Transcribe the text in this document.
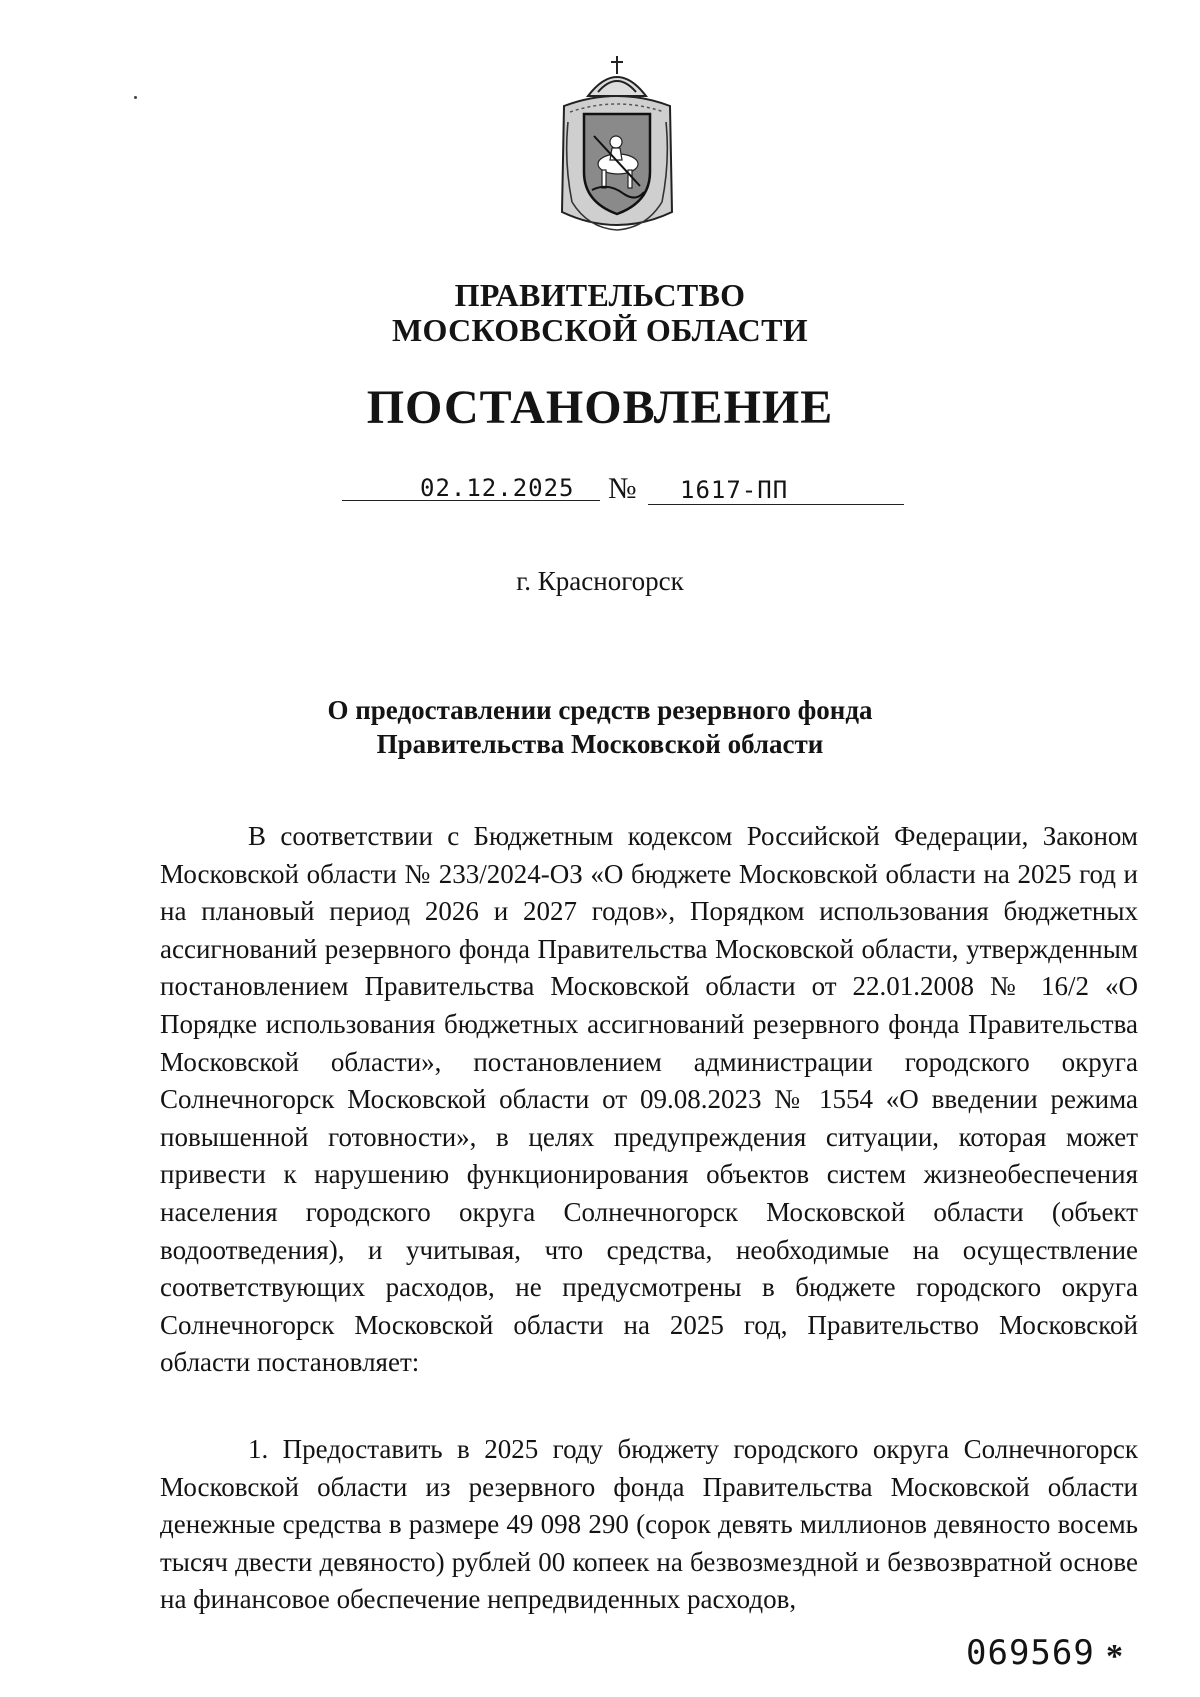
ПРАВИТЕЛЬСТВО
МОСКОВСКОЙ ОБЛАСТИ
ПОСТАНОВЛЕНИЕ
02.12.2025 № 1617-ПП
г. Красногорск
О предоставлении средств резервного фонда
Правительства Московской области

В соответствии с Бюджетным кодексом Российской Федерации, Законом Московской области № 233/2024-ОЗ «О бюджете Московской области на 2025 год и на плановый период 2026 и 2027 годов», Порядком использования бюджетных ассигнований резервного фонда Правительства Московской области, утвержденным постановлением Правительства Московской области от 22.01.2008 № 16/2 «О Порядке использования бюджетных ассигнований резервного фонда Правительства Московской области», постановлением администрации городского округа Солнечногорск Московской области от 09.08.2023 № 1554 «О введении режима повышенной готовности», в целях предупреждения ситуации, которая может привести к нарушению функционирования объектов систем жизнеобеспечения населения городского округа Солнечногорск Московской области (объект водоотведения), и учитывая, что средства, необходимые на осуществление соответствующих расходов, не предусмотрены в бюджете городского округа Солнечногорск Московской области на 2025 год, Правительство Московской области постановляет:

1. Предоставить в 2025 году бюджету городского округа Солнечногорск Московской области из резервного фонда Правительства Московской области денежные средства в размере 49 098 290 (сорок девять миллионов девяносто восемь тысяч двести девяносто) рублей 00 копеек на безвозмездной и безвозвратной основе на финансовое обеспечение непредвиденных расходов,

069569 *
